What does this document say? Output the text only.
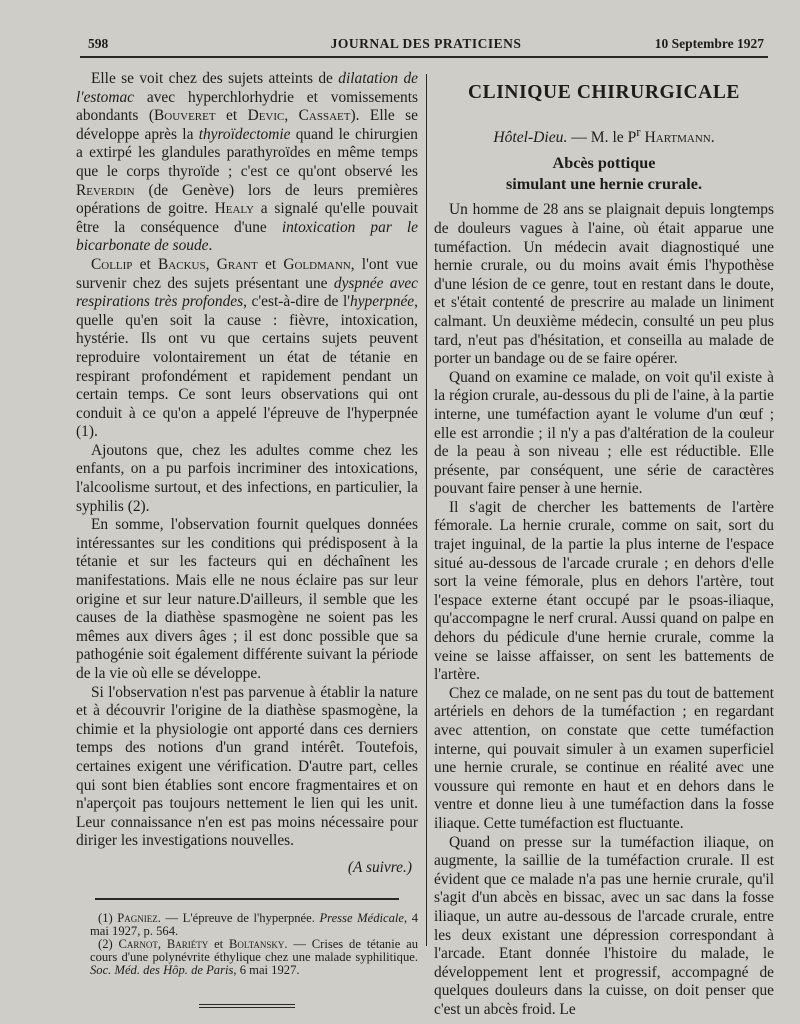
598	JOURNAL DES PRATICIENS	10 Septembre 1927

Elle se voit chez des sujets atteints de dilatation de l'estomac avec hyperchlorhydrie et vomissements abondants (Bouveret et Devic, Cassaet). Elle se développe après la thyroïdectomie quand le chirurgien a extirpé les glandules parathyroïdes en même temps que le corps thyroïde ; c'est ce qu'ont observé les Reverdin (de Genève) lors de leurs premières opérations de goitre. Healy a signalé qu'elle pouvait être la conséquence d'une intoxication par le bicarbonate de soude.

Collip et Backus, Grant et Goldmann, l'ont vue survenir chez des sujets présentant une dyspnée avec respirations très profondes, c'est-à-dire de l'hyperpnée, quelle qu'en soit la cause : fièvre, intoxication, hystérie. Ils ont vu que certains sujets peuvent reproduire volontairement un état de tétanie en respirant profondément et rapidement pendant un certain temps. Ce sont leurs observations qui ont conduit à ce qu'on a appelé l'épreuve de l'hyperpnée (1).

Ajoutons que, chez les adultes comme chez les enfants, on a pu parfois incriminer des intoxications, l'alcoolisme surtout, et des infections, en particulier, la syphilis (2).

En somme, l'observation fournit quelques données intéressantes sur les conditions qui prédisposent à la tétanie et sur les facteurs qui en déchaînent les manifestations. Mais elle ne nous éclaire pas sur leur origine et sur leur nature.D'ailleurs, il semble que les causes de la diathèse spasmogène ne soient pas les mêmes aux divers âges ; il est donc possible que sa pathogénie soit également différente suivant la période de la vie où elle se développe.

Si l'observation n'est pas parvenue à établir la nature et à découvrir l'origine de la diathèse spasmogène, la chimie et la physiologie ont apporté dans ces derniers temps des notions d'un grand intérêt. Toutefois, certaines exigent une vérification. D'autre part, celles qui sont bien établies sont encore fragmentaires et on n'aperçoit pas toujours nettement le lien qui les unit. Leur connaissance n'en est pas moins nécessaire pour diriger les investigations nouvelles.

(A suivre.)

(1) Pagniez. — L'épreuve de l'hyperpnée. Presse Médicale, 4 mai 1927, p. 564.

(2) Carnot, Bariéty et Boltansky. — Crises de tétanie au cours d'une polynévrite éthylique chez une malade syphilitique. Soc. Méd. des Hôp. de Paris, 6 mai 1927.

CLINIQUE CHIRURGICALE
Hôtel-Dieu. — M. le $P^r$ Hartmann.
Abcès pottique
simulant une hernie crurale.

Un homme de 28 ans se plaignait depuis longtemps de douleurs vagues à l'aine, où était apparue une tuméfaction. Un médecin avait diagnostiqué une hernie crurale, ou du moins avait émis l'hypothèse d'une lésion de ce genre, tout en restant dans le doute, et s'était contenté de prescrire au malade un liniment calmant. Un deuxième médecin, consulté un peu plus tard, n'eut pas d'hésitation, et conseilla au malade de porter un bandage ou de se faire opérer.

Quand on examine ce malade, on voit qu'il existe à la région crurale, au-dessous du pli de l'aine, à la partie interne, une tuméfaction ayant le volume d'un œuf ; elle est arrondie ; il n'y a pas d'altération de la couleur de la peau à son niveau ; elle est réductible. Elle présente, par conséquent, une série de caractères pouvant faire penser à une hernie.

Il s'agit de chercher les battements de l'artère fémorale. La hernie crurale, comme on sait, sort du trajet inguinal, de la partie la plus interne de l'espace situé au-dessous de l'arcade crurale ; en dehors d'elle sort la veine fémorale, plus en dehors l'artère, tout l'espace externe étant occupé par le psoas-iliaque, qu'accompagne le nerf crural. Aussi quand on palpe en dehors du pédicule d'une hernie crurale, comme la veine se laisse affaisser, on sent les battements de l'artère.

Chez ce malade, on ne sent pas du tout de battement artériels en dehors de la tuméfaction ; en regardant avec attention, on constate que cette tuméfaction interne, qui pouvait simuler à un examen superficiel une hernie crurale, se continue en réalité avec une voussure qui remonte en haut et en dehors dans le ventre et donne lieu à une tuméfaction dans la fosse iliaque. Cette tuméfaction est fluctuante.

Quand on presse sur la tuméfaction iliaque, on augmente, la saillie de la tuméfaction crurale. Il est évident que ce malade n'a pas une hernie crurale, qu'il s'agit d'un abcès en bissac, avec un sac dans la fosse iliaque, un autre au-dessous de l'arcade crurale, entre les deux existant une dépression correspondant à l'arcade. Etant donnée l'histoire du malade, le développement lent et progressif, accompagné de quelques douleurs dans la cuisse, on doit penser que c'est un abcès froid. Le
